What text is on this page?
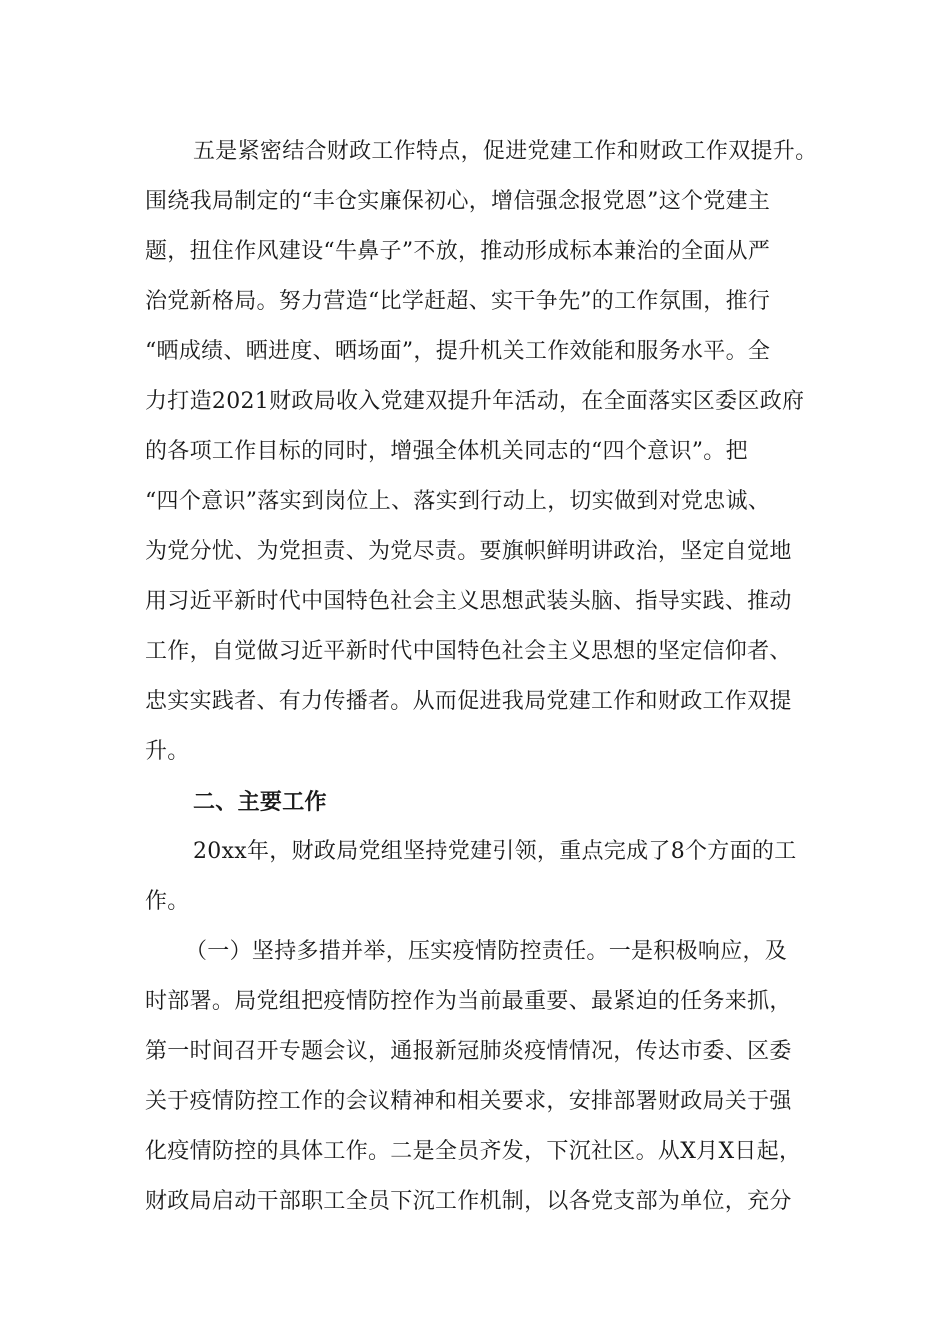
五是紧密结合财政工作特点，促进党建工作和财政工作双提升。
围绕我局制定的“丰仓实廉保初心，增信强念报党恩”这个党建主
题，扭住作风建设“牛鼻子”不放，推动形成标本兼治的全面从严
治党新格局。努力营造“比学赶超、实干争先”的工作氛围，推行
“晒成绩、晒进度、晒场面”，提升机关工作效能和服务水平。全
力打造2021财政局收入党建双提升年活动，在全面落实区委区政府
的各项工作目标的同时，增强全体机关同志的“四个意识”。把
“四个意识”落实到岗位上、落实到行动上，切实做到对党忠诚、
为党分忧、为党担责、为党尽责。要旗帜鲜明讲政治，坚定自觉地
用习近平新时代中国特色社会主义思想武装头脑、指导实践、推动
工作，自觉做习近平新时代中国特色社会主义思想的坚定信仰者、
忠实实践者、有力传播者。从而促进我局党建工作和财政工作双提
升。
二、主要工作
20xx年，财政局党组坚持党建引领，重点完成了8个方面的工
作。
（一）坚持多措并举，压实疫情防控责任。一是积极响应，及
时部署。局党组把疫情防控作为当前最重要、最紧迫的任务来抓，
第一时间召开专题会议，通报新冠肺炎疫情情况，传达市委、区委
关于疫情防控工作的会议精神和相关要求，安排部署财政局关于强
化疫情防控的具体工作。二是全员齐发，下沉社区。从X月X日起，
财政局启动干部职工全员下沉工作机制，以各党支部为单位，充分
